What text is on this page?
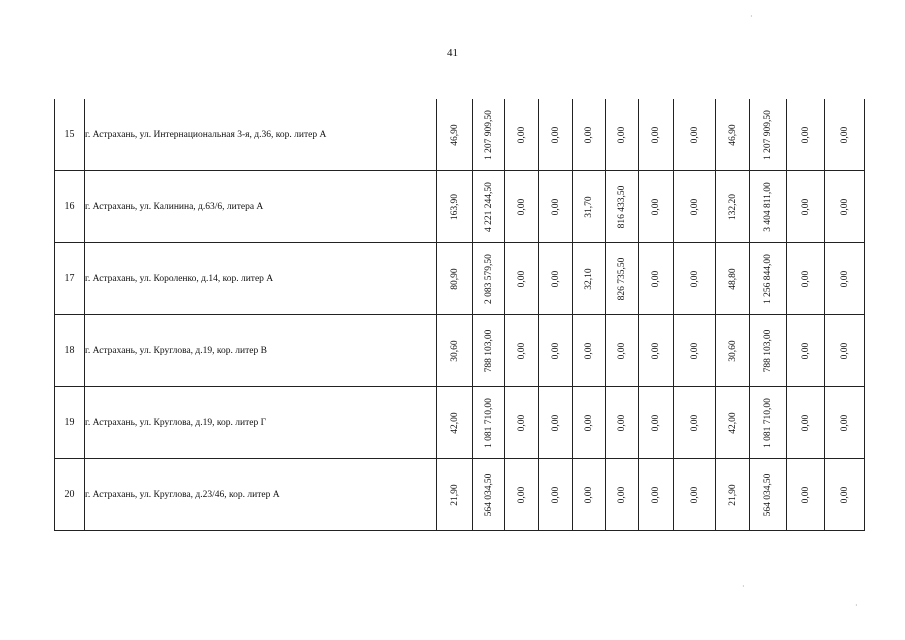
41
15	г. Астрахань, ул. Интернациональная 3-я, д.36, кор. литер А	46,90	1 207 909,50	0,00	0,00	0,00	0,00	0,00	0,00	46,90	1 207 909,50	0,00	0,00

16	г. Астрахань, ул. Калинина, д.63/6, литера А	163,90	4 221 244,50	0,00	0,00	31,70	816 433,50	0,00	0,00	132,20	3 404 811,00	0,00	0,00

17	г. Астрахань, ул. Короленко, д.14, кор. литер А	80,90	2 083 579,50	0,00	0,00	32,10	826 735,50	0,00	0,00	48,80	1 256 844,00	0,00	0,00

18	г. Астрахань, ул. Круглова, д.19, кор. литер В	30,60	788 103,00	0,00	0,00	0,00	0,00	0,00	0,00	30,60	788 103,00	0,00	0,00

19	г. Астрахань, ул. Круглова, д.19, кор. литер Г	42,00	1 081 710,00	0,00	0,00	0,00	0,00	0,00	0,00	42,00	1 081 710,00	0,00	0,00

20	г. Астрахань, ул. Круглова, д.23/46, кор. литер А	21,90	564 034,50	0,00	0,00	0,00	0,00	0,00	0,00	21,90	564 034,50	0,00	0,00
·
·
·
